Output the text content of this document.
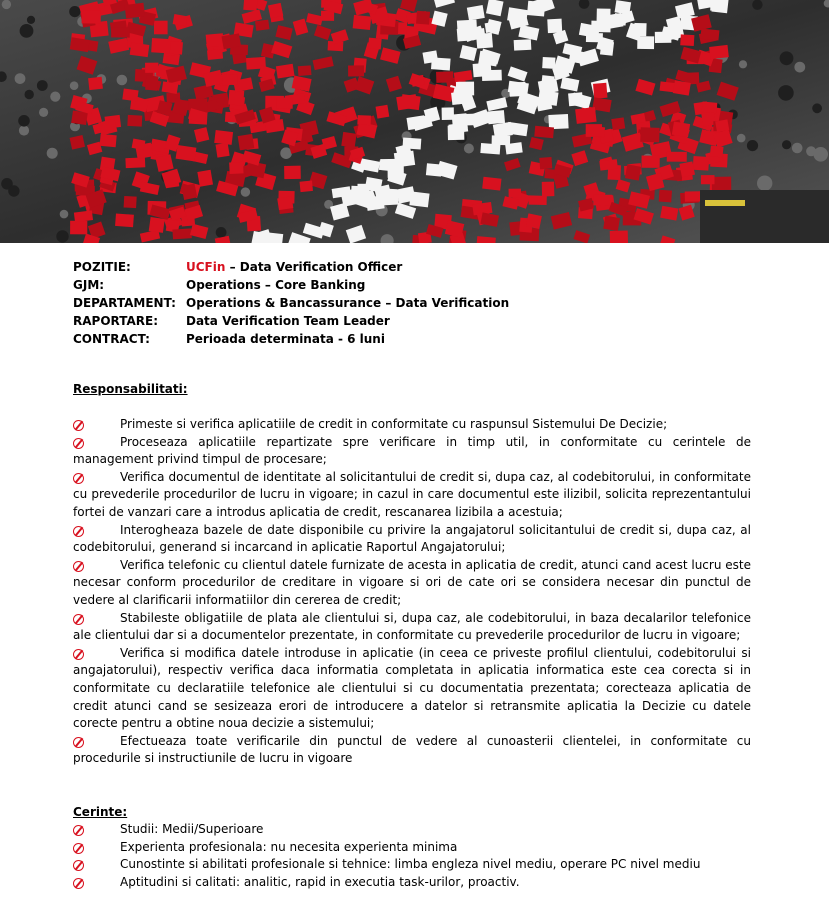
POZITIE:	UCFin – Data Verification Officer
GJM:	Operations – Core Banking
DEPARTAMENT: Operations & Bancassurance – Data Verification
RAPORTARE:	Data Verification Team Leader
CONTRACT:	Perioada determinata - 6 luni
Responsabilitati:

Primeste si verifica aplicatiile de credit in conformitate cu raspunsul Sistemului De Decizie;

Proceseaza aplicatiile repartizate spre verificare in timp util, in conformitate cu cerintele de management privind timpul de procesare;

Verifica documentul de identitate al solicitantului de credit si, dupa caz, al codebitorului, in conformitate cu prevederile procedurilor de lucru in vigoare; in cazul in care documentul este ilizibil, solicita reprezentantului fortei de vanzari care a introdus aplicatia de credit, rescanarea lizibila a acestuia;

Interogheaza bazele de date disponibile cu privire la angajatorul solicitantului de credit si, dupa caz, al codebitorului, generand si incarcand in aplicatie Raportul Angajatorului;

Verifica telefonic cu clientul datele furnizate de acesta in aplicatia de credit, atunci cand acest lucru este necesar conform procedurilor de creditare in vigoare si ori de cate ori se considera necesar din punctul de vedere al clarificarii informatiilor din cererea de credit;

Stabileste obligatiile de plata ale clientului si, dupa caz, ale codebitorului, in baza decalarilor telefonice ale clientului dar si a documentelor prezentate, in conformitate cu prevederile procedurilor de lucru in vigoare;

Verifica si modifica datele introduse in aplicatie (in ceea ce priveste profilul clientului, codebitorului si angajatorului), respectiv verifica daca informatia completata in aplicatia informatica este cea corecta si in conformitate cu declaratiile telefonice ale clientului si cu documentatia prezentata; corecteaza aplicatia de credit atunci cand se sesizeaza erori de introducere a datelor si retransmite aplicatia la Decizie cu datele corecte pentru a obtine noua decizie a sistemului;

Efectueaza toate verificarile din punctul de vedere al cunoasterii clientelei, in conformitate cu procedurile si instructiunile de lucru in vigoare

Cerinte:

Studii: Medii/Superioare

Experienta profesionala: nu necesita experienta minima

Cunostinte si abilitati profesionale si tehnice: limba engleza nivel mediu, operare PC nivel mediu

Aptitudini si calitati: analitic, rapid in executia task-urilor, proactiv.
